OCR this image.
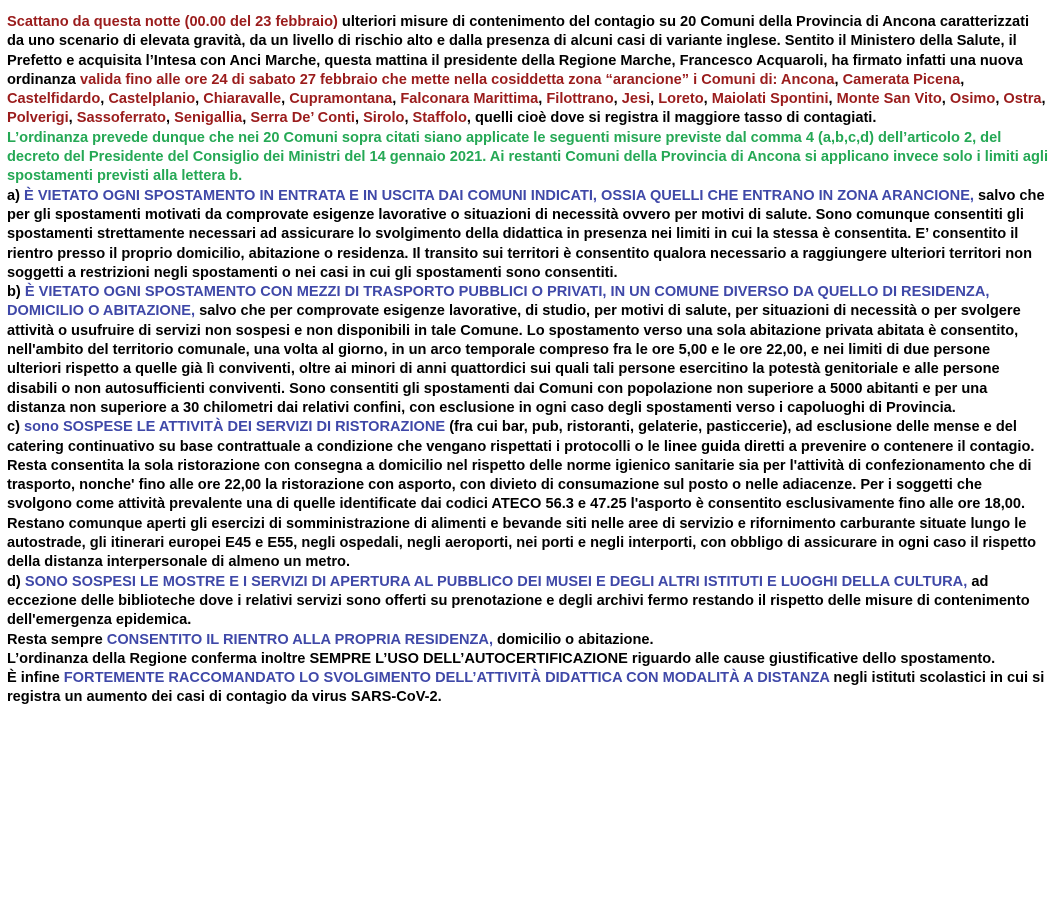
Scattano da questa notte (00.00 del 23 febbraio) ulteriori misure di contenimento del contagio su 20 Comuni della Provincia di Ancona caratterizzati da uno scenario di elevata gravità, da un livello di rischio alto e dalla presenza di alcuni casi di variante inglese. Sentito il Ministero della Salute, il Prefetto e acquisita l’Intesa con Anci Marche, questa mattina il presidente della Regione Marche, Francesco Acquaroli, ha firmato infatti una nuova ordinanza valida fino alle ore 24 di sabato 27 febbraio che mette nella cosiddetta zona “arancione” i Comuni di: Ancona, Camerata Picena, Castelfidardo, Castelplanio, Chiaravalle, Cupramontana, Falconara Marittima, Filottrano, Jesi, Loreto, Maiolati Spontini, Monte San Vito, Osimo, Ostra, Polverigi, Sassoferrato, Senigallia, Serra De’ Conti, Sirolo, Staffolo, quelli cioè dove si registra il maggiore tasso di contagiati.

L’ordinanza prevede dunque che nei 20 Comuni sopra citati siano applicate le seguenti misure previste dal comma 4 (a,b,c,d) dell’articolo 2, del decreto del Presidente del Consiglio dei Ministri del 14 gennaio 2021. Ai restanti Comuni della Provincia di Ancona si applicano invece solo i limiti agli spostamenti previsti alla lettera b.

a) È VIETATO OGNI SPOSTAMENTO IN ENTRATA E IN USCITA DAI COMUNI INDICATI, OSSIA QUELLI CHE ENTRANO IN ZONA ARANCIONE, salvo che per gli spostamenti motivati da comprovate esigenze lavorative o situazioni di necessità ovvero per motivi di salute. Sono comunque consentiti gli spostamenti strettamente necessari ad assicurare lo svolgimento della didattica in presenza nei limiti in cui la stessa è consentita. E’ consentito il rientro presso il proprio domicilio, abitazione o residenza. Il transito sui territori è consentito qualora necessario a raggiungere ulteriori territori non soggetti a restrizioni negli spostamenti o nei casi in cui gli spostamenti sono consentiti.

b) È VIETATO OGNI SPOSTAMENTO CON MEZZI DI TRASPORTO PUBBLICI O PRIVATI, IN UN COMUNE DIVERSO DA QUELLO DI RESIDENZA, DOMICILIO O ABITAZIONE, salvo che per comprovate esigenze lavorative, di studio, per motivi di salute, per situazioni di necessità o per svolgere attività o usufruire di servizi non sospesi e non disponibili in tale Comune. Lo spostamento verso una sola abitazione privata abitata è consentito, nell'ambito del territorio comunale, una volta al giorno, in un arco temporale compreso fra le ore 5,00 e le ore 22,00, e nei limiti di due persone ulteriori rispetto a quelle già lì conviventi, oltre ai minori di anni quattordici sui quali tali persone esercitino la potestà genitoriale e alle persone disabili o non autosufficienti conviventi. Sono consentiti gli spostamenti dai Comuni con popolazione non superiore a 5000 abitanti e per una distanza non superiore a 30 chilometri dai relativi confini, con esclusione in ogni caso degli spostamenti verso i capoluoghi di Provincia.

c) sono SOSPESE LE ATTIVITÀ DEI SERVIZI DI RISTORAZIONE (fra cui bar, pub, ristoranti, gelaterie, pasticcerie), ad esclusione delle mense e del catering continuativo su base contrattuale a condizione che vengano rispettati i protocolli o le linee guida diretti a prevenire o contenere il contagio. Resta consentita la sola ristorazione con consegna a domicilio nel rispetto delle norme igienico sanitarie sia per l'attività di confezionamento che di trasporto, nonche' fino alle ore 22,00 la ristorazione con asporto, con divieto di consumazione sul posto o nelle adiacenze. Per i soggetti che svolgono come attività prevalente una di quelle identificate dai codici ATECO 56.3 e 47.25 l'asporto è consentito esclusivamente fino alle ore 18,00. Restano comunque aperti gli esercizi di somministrazione di alimenti e bevande siti nelle aree di servizio e rifornimento carburante situate lungo le autostrade, gli itinerari europei E45 e E55, negli ospedali, negli aeroporti, nei porti e negli interporti, con obbligo di assicurare in ogni caso il rispetto della distanza interpersonale di almeno un metro.

d) SONO SOSPESI LE MOSTRE E I SERVIZI DI APERTURA AL PUBBLICO DEI MUSEI E DEGLI ALTRI ISTITUTI E LUOGHI DELLA CULTURA, ad eccezione delle biblioteche dove i relativi servizi sono offerti su prenotazione e degli archivi fermo restando il rispetto delle misure di contenimento dell'emergenza epidemica.

Resta sempre CONSENTITO IL RIENTRO ALLA PROPRIA RESIDENZA, domicilio o abitazione.

L’ordinanza della Regione conferma inoltre SEMPRE L’USO DELL’AUTOCERTIFICAZIONE riguardo alle cause giustificative dello spostamento.

È infine FORTEMENTE RACCOMANDATO LO SVOLGIMENTO DELL’ATTIVITÀ DIDATTICA CON MODALITÀ A DISTANZA negli istituti scolastici in cui si registra un aumento dei casi di contagio da virus SARS-CoV-2.
